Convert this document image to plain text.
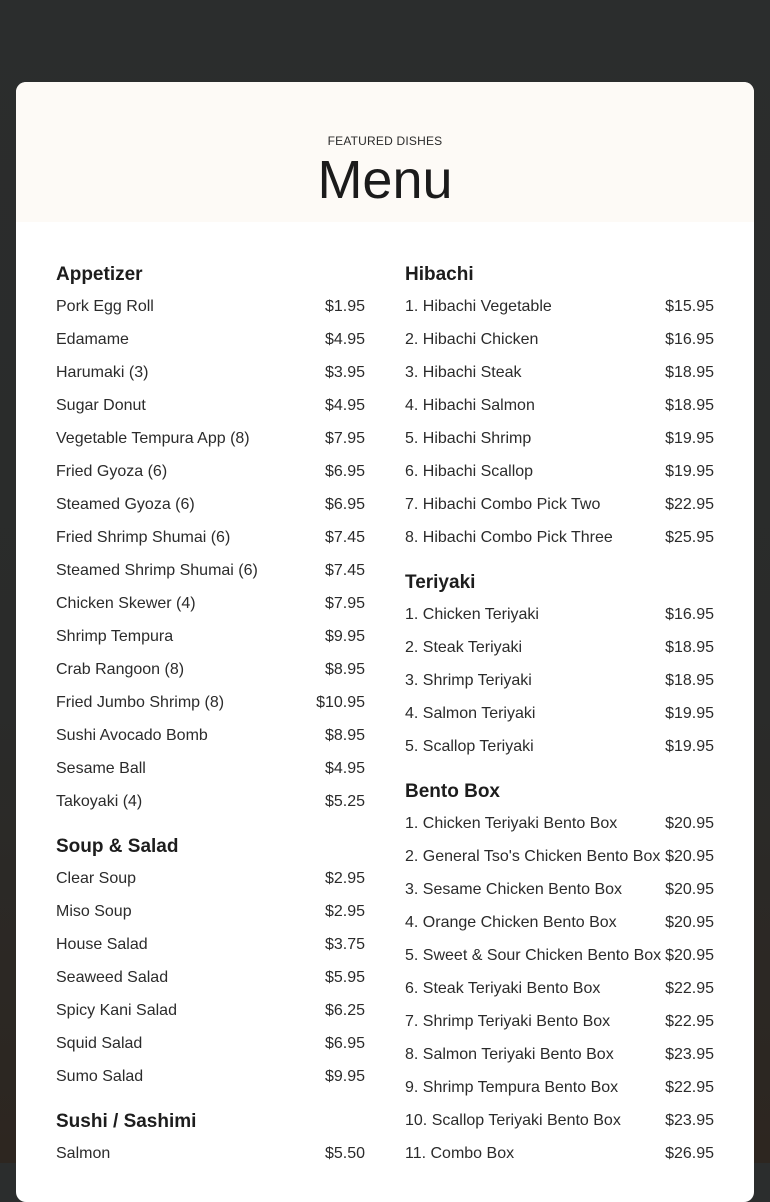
FEATURED DISHES
Menu
Appetizer
Pork Egg Roll	$1.95
Edamame	$4.95
Harumaki (3)	$3.95
Sugar Donut	$4.95
Vegetable Tempura App (8)	$7.95
Fried Gyoza (6)	$6.95
Steamed Gyoza (6)	$6.95
Fried Shrimp Shumai (6)	$7.45
Steamed Shrimp Shumai (6)	$7.45
Chicken Skewer (4)	$7.95
Shrimp Tempura	$9.95
Crab Rangoon (8)	$8.95
Fried Jumbo Shrimp (8)	$10.95
Sushi Avocado Bomb	$8.95
Sesame Ball	$4.95
Takoyaki (4)	$5.25
Soup & Salad
Clear Soup	$2.95
Miso Soup	$2.95
House Salad	$3.75
Seaweed Salad	$5.95
Spicy Kani Salad	$6.25
Squid Salad	$6.95
Sumo Salad	$9.95
Sushi / Sashimi
Salmon	$5.50
Hibachi
1. Hibachi Vegetable	$15.95
2. Hibachi Chicken	$16.95
3. Hibachi Steak	$18.95
4. Hibachi Salmon	$18.95
5. Hibachi Shrimp	$19.95
6. Hibachi Scallop	$19.95
7. Hibachi Combo Pick Two	$22.95
8. Hibachi Combo Pick Three	$25.95
Teriyaki
1. Chicken Teriyaki	$16.95
2. Steak Teriyaki	$18.95
3. Shrimp Teriyaki	$18.95
4. Salmon Teriyaki	$19.95
5. Scallop Teriyaki	$19.95
Bento Box
1. Chicken Teriyaki Bento Box	$20.95
2. General Tso's Chicken Bento Box $20.95
3. Sesame Chicken Bento Box	$20.95
4. Orange Chicken Bento Box	$20.95
5. Sweet & Sour Chicken Bento Box $20.95
6. Steak Teriyaki Bento Box	$22.95
7. Shrimp Teriyaki Bento Box	$22.95
8. Salmon Teriyaki Bento Box	$23.95
9. Shrimp Tempura Bento Box	$22.95
10. Scallop Teriyaki Bento Box	$23.95
11. Combo Box	$26.95
